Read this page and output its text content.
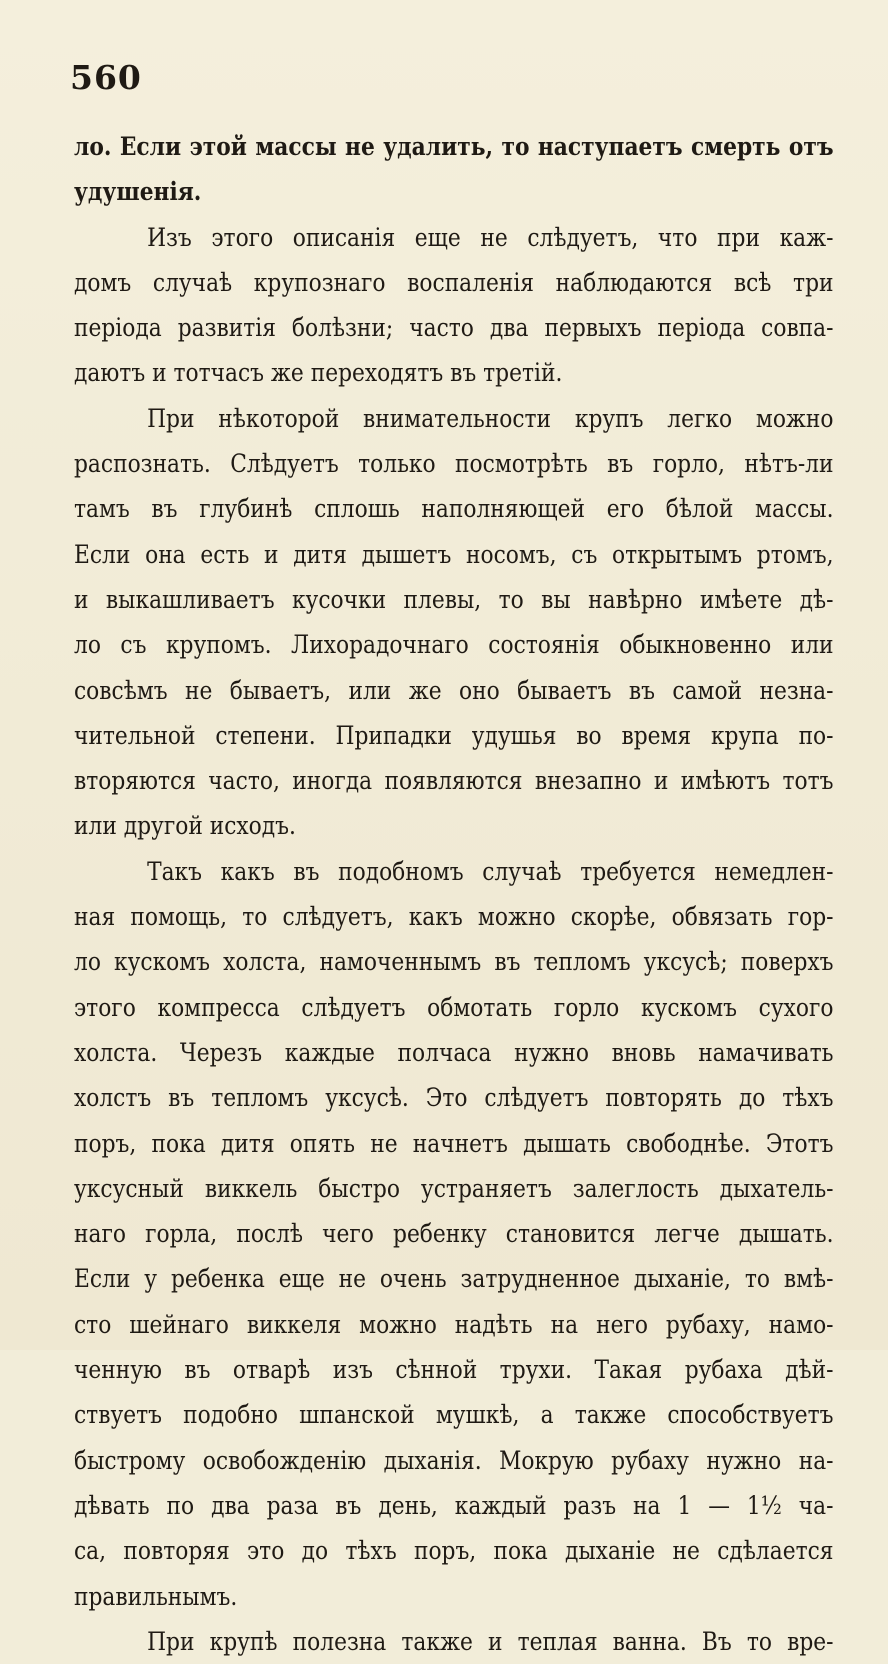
560
ло. Если этой массы не удалить, то наступаетъ смерть отъ
удушенія.
Изъ этого описанія еще не слѣдуетъ, что при каж-
домъ случаѣ крупознаго воспаленія наблюдаются всѣ три
періода развитія болѣзни; часто два первыхъ періода совпа-
даютъ и тотчасъ же переходятъ въ третій.
При нѣкоторой внимательности крупъ легко можно
распознать. Слѣдуетъ только посмотрѣть въ горло, нѣтъ-ли
тамъ въ глубинѣ сплошь наполняющей его бѣлой массы.
Если она есть и дитя дышетъ носомъ, съ открытымъ ртомъ,
и выкашливаетъ кусочки плевы, то вы навѣрно имѣете дѣ-
ло съ крупомъ. Лихорадочнаго состоянія обыкновенно или
совсѣмъ не бываетъ, или же оно бываетъ въ самой незна-
чительной степени. Припадки удушья во время крупа по-
вторяются часто, иногда появляются внезапно и имѣютъ тотъ
или другой исходъ.
Такъ какъ въ подобномъ случаѣ требуется немедлен-
ная помощь, то слѣдуетъ, какъ можно скорѣе, обвязать гор-
ло кускомъ холста, намоченнымъ въ тепломъ уксусѣ; поверхъ
этого компресса слѣдуетъ обмотать горло кускомъ сухого
холста. Черезъ каждые полчаса нужно вновь намачивать
холстъ въ тепломъ уксусѣ. Это слѣдуетъ повторять до тѣхъ
поръ, пока дитя опять не начнетъ дышать свободнѣе. Этотъ
уксусный виккель быстро устраняетъ залеглость дыхатель-
наго горла, послѣ чего ребенку становится легче дышать.
Если у ребенка еще не очень затрудненное дыханіе, то вмѣ-
сто шейнаго виккеля можно надѣть на него рубаху, намо-
ченную въ отварѣ изъ сѣнной трухи. Такая рубаха дѣй-
ствуетъ подобно шпанской мушкѣ, а также способствуетъ
быстрому освобожденію дыханія. Мокрую рубаху нужно на-
дѣвать по два раза въ день, каждый разъ на 1 — 1½ ча-
са, повторяя это до тѣхъ поръ, пока дыханіе не сдѣлается
правильнымъ.
При крупѣ полезна также и теплая ванна. Въ то вре-
